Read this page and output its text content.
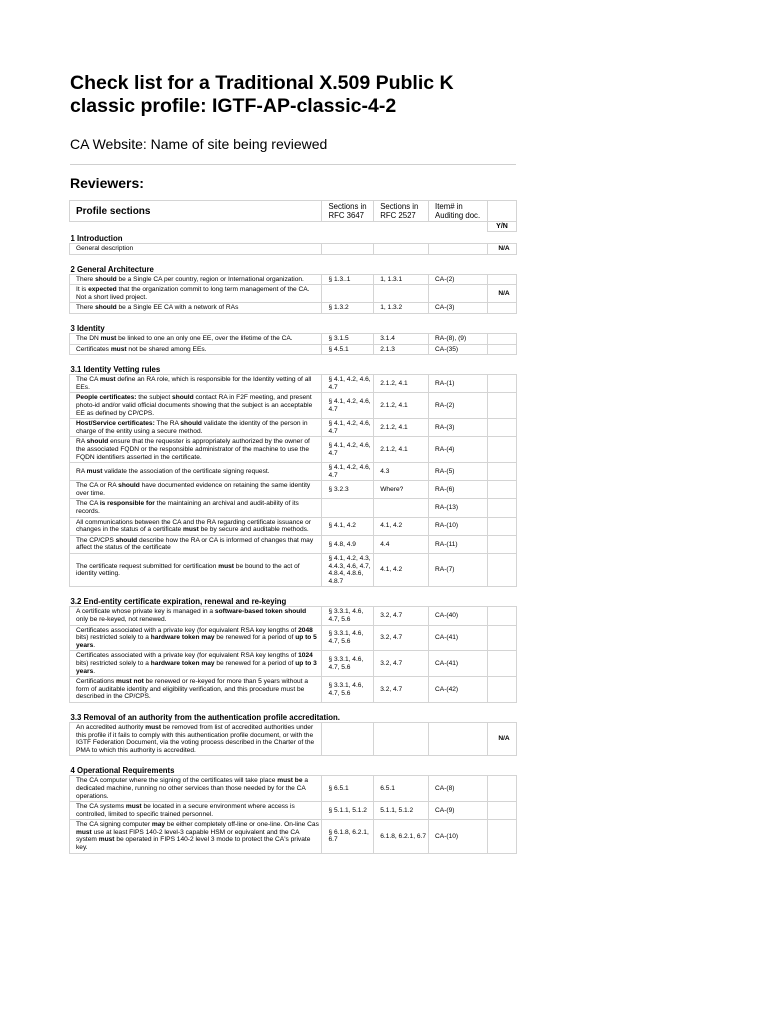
Check list for a Traditional X.509 Public K
classic profile: IGTF-AP-classic-4-2

CA Website: Name of site being reviewed

Reviewers:

Profile sections	Sections in RFC 3647	Sections in RFC 2527	Item# in Auditing doc.	
				Y/N
1 Introduction				
General description				N/A
2 General Architecture				
There should be a Single CA per country, region or International organization.	§ 1.3..1	1, 1.3.1	CA-(2)	
It is expected that the organization commit to long term management of the CA. Not a short lived project.				N/A
There should be a Single EE CA with a network of RAs	§ 1.3.2	1, 1.3.2	CA-(3)	
3 Identity				
The DN must be linked to one an only one EE, over the lifetime of the CA.	§ 3.1.5	3.1.4	RA-(8), (9)	
Certificates must not be shared among EEs.	§ 4.5.1	2.1.3	CA-(35)	
3.1 Identity Vetting rules				
The CA must define an RA role, which is responsible for the Identity vetting of all EEs.	§ 4.1, 4.2, 4.6, 4.7	2.1.2, 4.1	RA-(1)	
People certificates: the subject should contact RA in F2F meeting, and present photo-id and/or valid official documents showing that the subject is an acceptable EE as defined by CP/CPS.	§ 4.1, 4.2, 4.6, 4.7	2.1.2, 4.1	RA-(2)	
Host/Service certificates: The RA should validate the identity of the person in charge of the entity using a secure method.	§ 4.1, 4.2, 4.6, 4.7	2.1.2, 4.1	RA-(3)	
RA should ensure that the requester is appropriately authorized by the owner of the associated FQDN or the responsible administrator of the machine to use the FQDN identifiers asserted in the certificate.	§ 4.1, 4.2, 4.6, 4.7	2.1.2, 4.1	RA-(4)	
RA must validate the association of the certificate signing request.	§ 4.1, 4.2, 4.6, 4.7	4.3	RA-(5)	
The CA or RA should have documented evidence on retaining the same identity over time.	§ 3.2.3	Where?	RA-(6)	
The CA is responsible for the maintaining an archival and audit-ability of its records.			RA-(13)	
All communications between the CA and the RA regarding certificate issuance or changes in the status of a certificate must be by secure and auditable methods.	§ 4.1, 4.2	4.1, 4.2	RA-(10)	
The CP/CPS should describe how the RA or CA is informed of changes that may affect the status of the certificate	§ 4.8, 4.9	4.4	RA-(11)	
The certificate request submitted for certification must be bound to the act of identity vetting.	§ 4.1, 4.2, 4.3, 4.4.3, 4.6, 4.7, 4.8.4, 4.8.6, 4.8.7	4.1, 4.2	RA-(7)	
3.2 End-entity certificate expiration, renewal and re-keying				
A certificate whose private key is managed in a software-based token should only be re-keyed, not renewed.	§ 3.3.1, 4.6, 4.7, 5.6	3.2, 4.7	CA-(40)	
Certificates associated with a private key (for equivalent RSA key lengths of 2048 bits) restricted solely to a hardware token may be renewed for a period of up to 5 years.	§ 3.3.1, 4.6, 4.7, 5.6	3.2, 4.7	CA-(41)	
Certificates associated with a private key (for equivalent RSA key lengths of 1024 bits) restricted solely to a hardware token may be renewed for a period of up to 3 years.	§ 3.3.1, 4.6, 4.7, 5.6	3.2, 4.7	CA-(41)	
Certifications must not be renewed or re-keyed for more than 5 years without a form of auditable identity and eligibility verification, and this procedure must be described in the CP/CPS.	§ 3.3.1, 4.6, 4.7, 5.6	3.2, 4.7	CA-(42)	
3.3 Removal of an authority from the authentication profile accreditation.				
An accredited authority must be removed from list of accredited authorities under this profile if it fails to comply with this authentication profile document, or with the IGTF Federation Document, via the voting process described in the Charter of the PMA to which this authority is accredited.				N/A
4 Operational Requirements				
The CA computer where the signing of the certificates will take place must be a dedicated machine, running no other services than those needed by for the CA operations.	§ 6.5.1	6.5.1	CA-(8)	
The CA systems must be located in a secure environment where access is controlled, limited to specific trained personnel.	§ 5.1.1, 5.1.2	5.1.1, 5.1.2	CA-(9)	
The CA signing computer may be either completely off-line or one-line. On-line Cas must use at least FIPS 140-2 level-3 capable HSM or equivalent and the CA system must be operated in FIPS 140-2 level 3 mode to protect the CA's private key.	§ 6.1.8, 6.2.1, 6.7	6.1.8, 6.2.1, 6.7	CA-(10)	
